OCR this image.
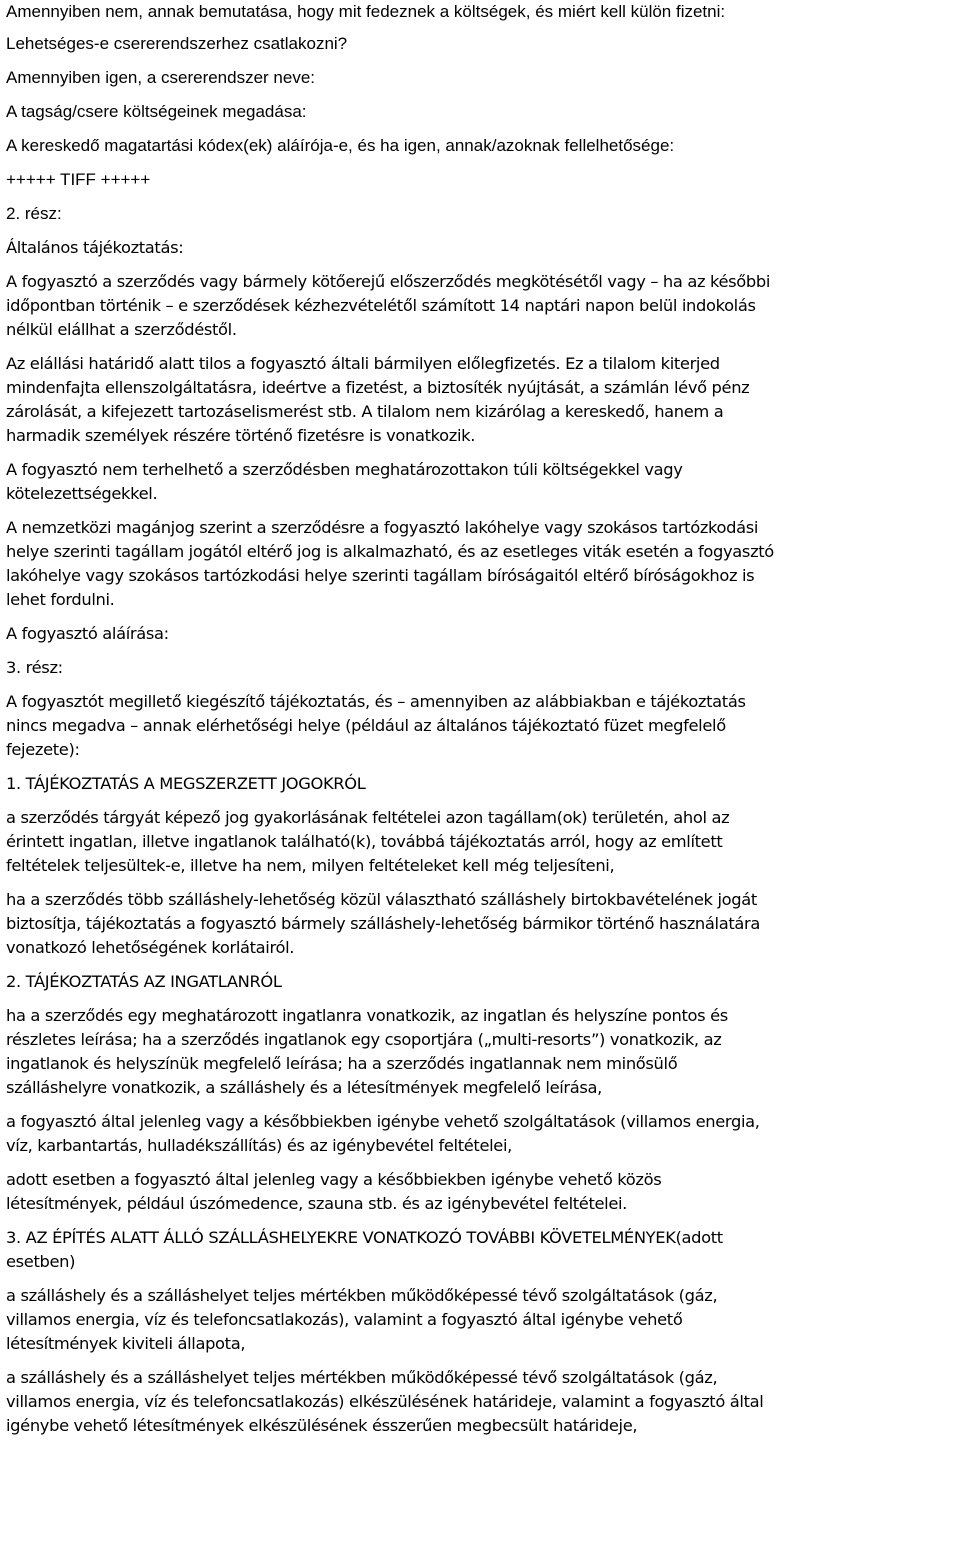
Amennyiben nem, annak bemutatása, hogy mit fedeznek a költségek, és miért kell külön fizetni:

Lehetséges-e csererendszerhez csatlakozni?

Amennyiben igen, a csererendszer neve:

A tagság/csere költségeinek megadása:

A kereskedő magatartási kódex(ek) aláírója-e, és ha igen, annak/azoknak fellelhetősége:

+++++ TIFF +++++

2. rész:

Általános tájékoztatás:

A fogyasztó a szerződés vagy bármely kötőerejű előszerződés megkötésétől vagy – ha az későbbi

időpontban történik – e szerződések kézhezvételétől számított 14 naptári napon belül indokolás

nélkül elállhat a szerződéstől.

Az elállási határidő alatt tilos a fogyasztó általi bármilyen előlegfizetés. Ez a tilalom kiterjed

mindenfajta ellenszolgáltatásra, ideértve a fizetést, a biztosíték nyújtását, a számlán lévő pénz

zárolását, a kifejezett tartozáselismerést stb. A tilalom nem kizárólag a kereskedő, hanem a

harmadik személyek részére történő fizetésre is vonatkozik.

A fogyasztó nem terhelhető a szerződésben meghatározottakon túli költségekkel vagy

kötelezettségekkel.

A nemzetközi magánjog szerint a szerződésre a fogyasztó lakóhelye vagy szokásos tartózkodási

helye szerinti tagállam jogától eltérő jog is alkalmazható, és az esetleges viták esetén a fogyasztó

lakóhelye vagy szokásos tartózkodási helye szerinti tagállam bíróságaitól eltérő bíróságokhoz is

lehet fordulni.

A fogyasztó aláírása:

3. rész:

A fogyasztót megillető kiegészítő tájékoztatás, és – amennyiben az alábbiakban e tájékoztatás

nincs megadva – annak elérhetőségi helye (például az általános tájékoztató füzet megfelelő

fejezete):

1. TÁJÉKOZTATÁS A MEGSZERZETT JOGOKRÓL

a szerződés tárgyát képező jog gyakorlásának feltételei azon tagállam(ok) területén, ahol az

érintett ingatlan, illetve ingatlanok található(k), továbbá tájékoztatás arról, hogy az említett

feltételek teljesültek-e, illetve ha nem, milyen feltételeket kell még teljesíteni,

ha a szerződés több szálláshely-lehetőség közül választható szálláshely birtokbavételének jogát

biztosítja, tájékoztatás a fogyasztó bármely szálláshely-lehetőség bármikor történő használatára

vonatkozó lehetőségének korlátairól.

2. TÁJÉKOZTATÁS AZ INGATLANRÓL

ha a szerződés egy meghatározott ingatlanra vonatkozik, az ingatlan és helyszíne pontos és

részletes leírása; ha a szerződés ingatlanok egy csoportjára („multi-resorts”) vonatkozik, az

ingatlanok és helyszínük megfelelő leírása; ha a szerződés ingatlannak nem minősülő

szálláshelyre vonatkozik, a szálláshely és a létesítmények megfelelő leírása,

a fogyasztó által jelenleg vagy a későbbiekben igénybe vehető szolgáltatások (villamos energia,

víz, karbantartás, hulladékszállítás) és az igénybevétel feltételei,

adott esetben a fogyasztó által jelenleg vagy a későbbiekben igénybe vehető közös

létesítmények, például úszómedence, szauna stb. és az igénybevétel feltételei.

3. AZ ÉPÍTÉS ALATT ÁLLÓ SZÁLLÁSHELYEKRE VONATKOZÓ TOVÁBBI KÖVETELMÉNYEK(adott

esetben)

a szálláshely és a szálláshelyet teljes mértékben működőképessé tévő szolgáltatások (gáz,

villamos energia, víz és telefoncsatlakozás), valamint a fogyasztó által igénybe vehető

létesítmények kiviteli állapota,

a szálláshely és a szálláshelyet teljes mértékben működőképessé tévő szolgáltatások (gáz,

villamos energia, víz és telefoncsatlakozás) elkészülésének határideje, valamint a fogyasztó által

igénybe vehető létesítmények elkészülésének ésszerűen megbecsült határideje,
